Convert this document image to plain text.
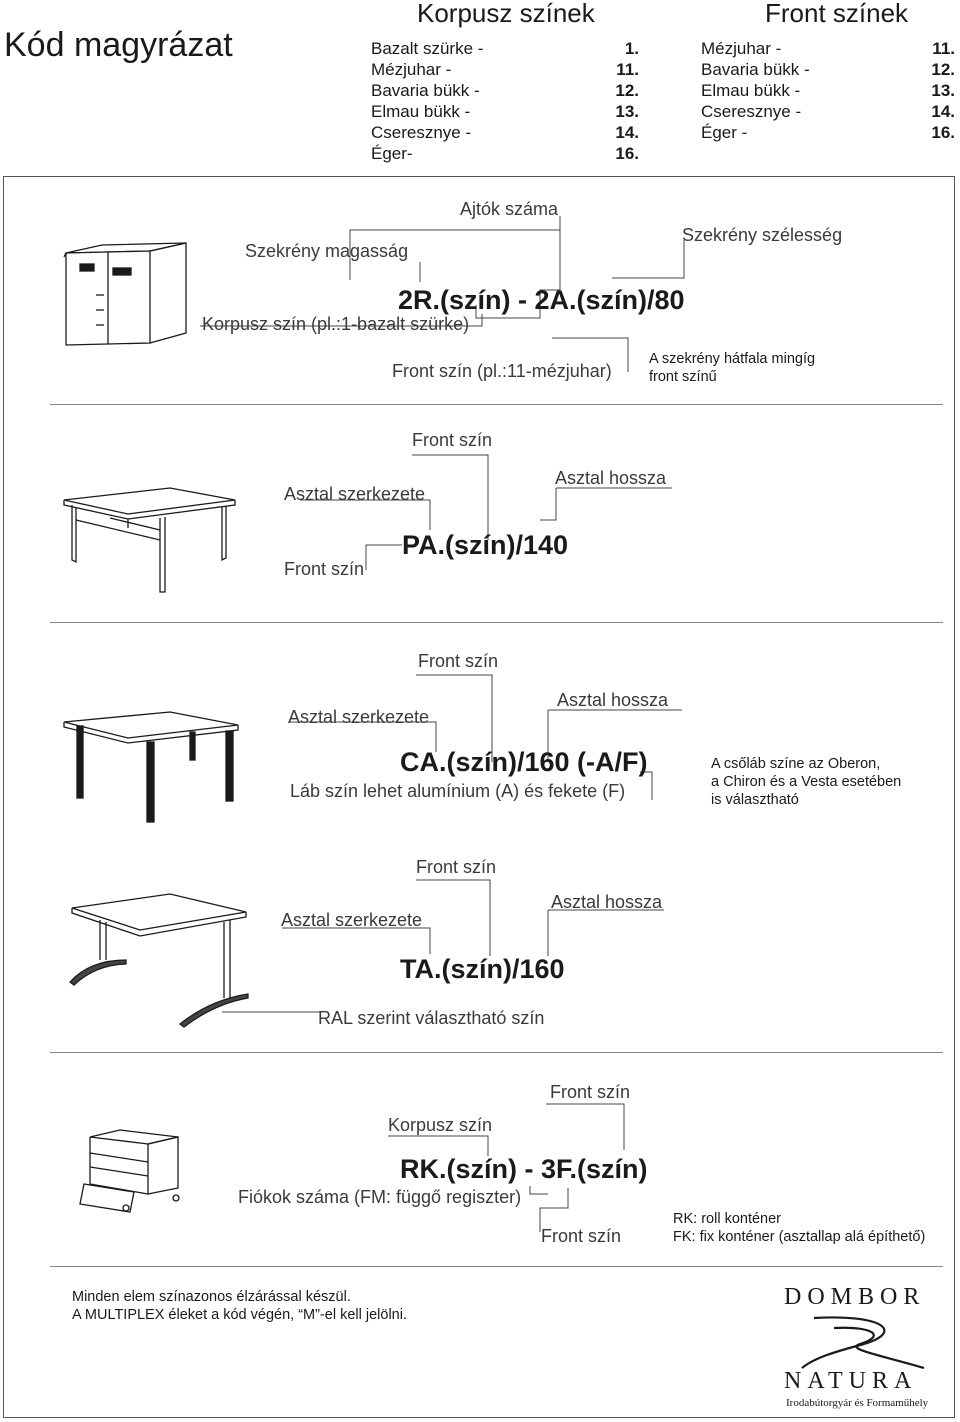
Kód magyrázat
Korpusz színek	Front színek
Bazalt szürke -	1.
Mézjuhar -	11.
Bavaria bükk -	12.
Elmau bükk -	13.
Cseresznye -	14.
Éger-	16.
Mézjuhar -	11.
Bavaria bükk -	12.
Elmau bükk -	13.
Cseresznye -	14.
Éger -	16.
Ajtók száma
Szekrény magasság
Szekrény szélesség
2R.(szín) - 2A.(szín)/80
Korpusz szín (pl.:1-bazalt szürke)
Front szín (pl.:11-mézjuhar)
A szekrény hátfala mingíg
front színű
Front szín
Asztal szerkezete
Asztal hossza
PA.(szín)/140
Front szín
Front szín
Asztal szerkezete
Asztal hossza
CA.(szín)/160 (-A/F)
Láb szín lehet alumínium (A) és fekete (F)
A csőláb színe az Oberon,
a Chiron és a Vesta esetében
is választható
Front szín
Asztal szerkezete
Asztal hossza
TA.(szín)/160
RAL szerint választható szín
Front szín
Korpusz szín
RK.(szín) - 3F.(szín)
Fiókok száma (FM: függő regiszter)
Front szín
RK: roll konténer
FK: fix konténer (asztallap alá építhető)
Minden elem színazonos élzárással készül.
A MULTIPLEX éleket a kód végén, “M”-el kell jelölni.
DOMBOR
NATURA
Irodabútorgyár és Formaműhely
